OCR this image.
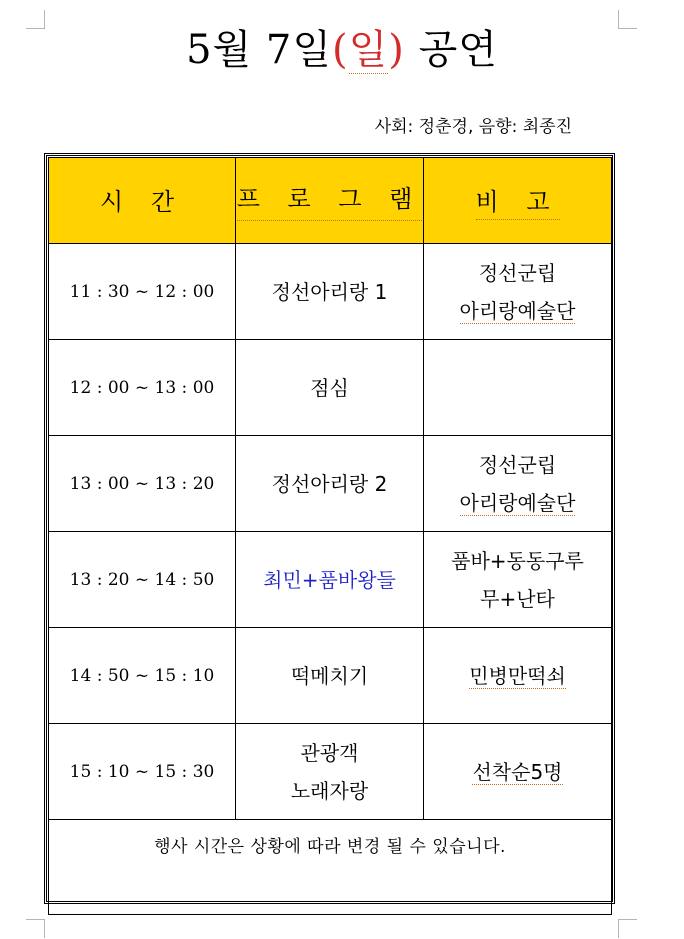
5월 7일(일) 공연
사회: 정춘경, 음향: 최종진
시 간	프 로 그 램	비 고
11 : 30 ~ 12 : 00	정선아리랑 1	정선군립
아리랑예술단

12 : 00 ~ 13 : 00	점심	

13 : 00 ~ 13 : 20	정선아리랑 2	정선군립
아리랑예술단

13 : 20 ~ 14 : 50	최민+품바왕들	품바+동동구루
무+난타

14 : 50 ~ 15 : 10	떡메치기	민병만떡쇠
15 : 10 ~ 15 : 30	관광객
노래자랑	선착순5명
행사 시간은 상황에 따라 변경 될 수 있습니다.		
